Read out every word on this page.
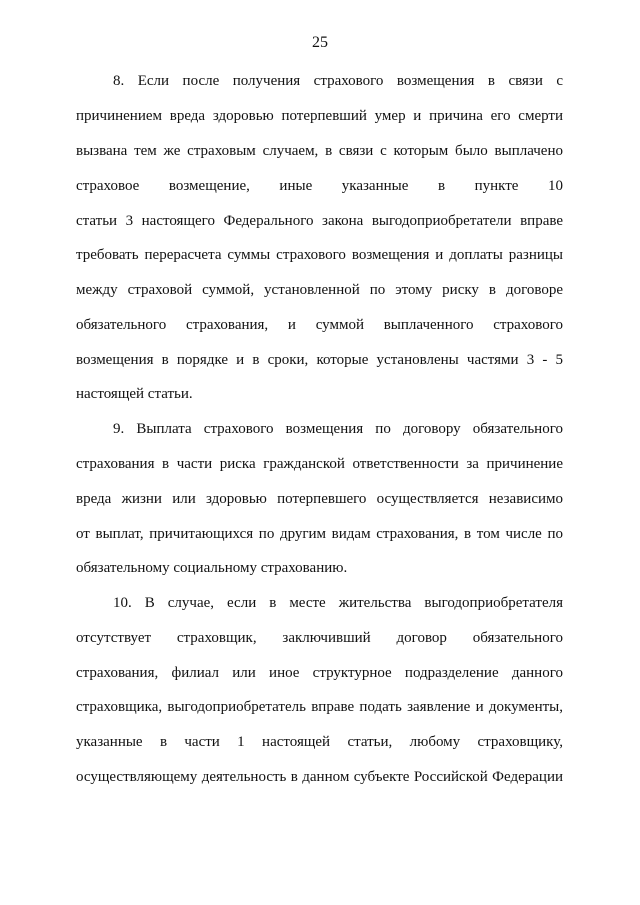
25
8. Если после получения страхового возмещения в связи с
причинением вреда здоровью потерпевший умер и причина его смерти
вызвана тем же страховым случаем, в связи с которым было выплачено
страховое возмещение, иные указанные в пункте 10
статьи 3 настоящего Федерального закона выгодоприобретатели вправе
требовать перерасчета суммы страхового возмещения и доплаты разницы
между страховой суммой, установленной по этому риску в договоре
обязательного страхования, и суммой выплаченного страхового
возмещения в порядке и в сроки, которые установлены частями 3 - 5
настоящей статьи.
9. Выплата страхового возмещения по договору обязательного
страхования в части риска гражданской ответственности за причинение
вреда жизни или здоровью потерпевшего осуществляется независимо
от выплат, причитающихся по другим видам страхования, в том числе по
обязательному социальному страхованию.
10. В случае, если в месте жительства выгодоприобретателя
отсутствует страховщик, заключивший договор обязательного
страхования, филиал или иное структурное подразделение данного
страховщика, выгодоприобретатель вправе подать заявление и документы,
указанные в части 1 настоящей статьи, любому страховщику,
осуществляющему деятельность в данном субъекте Российской Федерации
